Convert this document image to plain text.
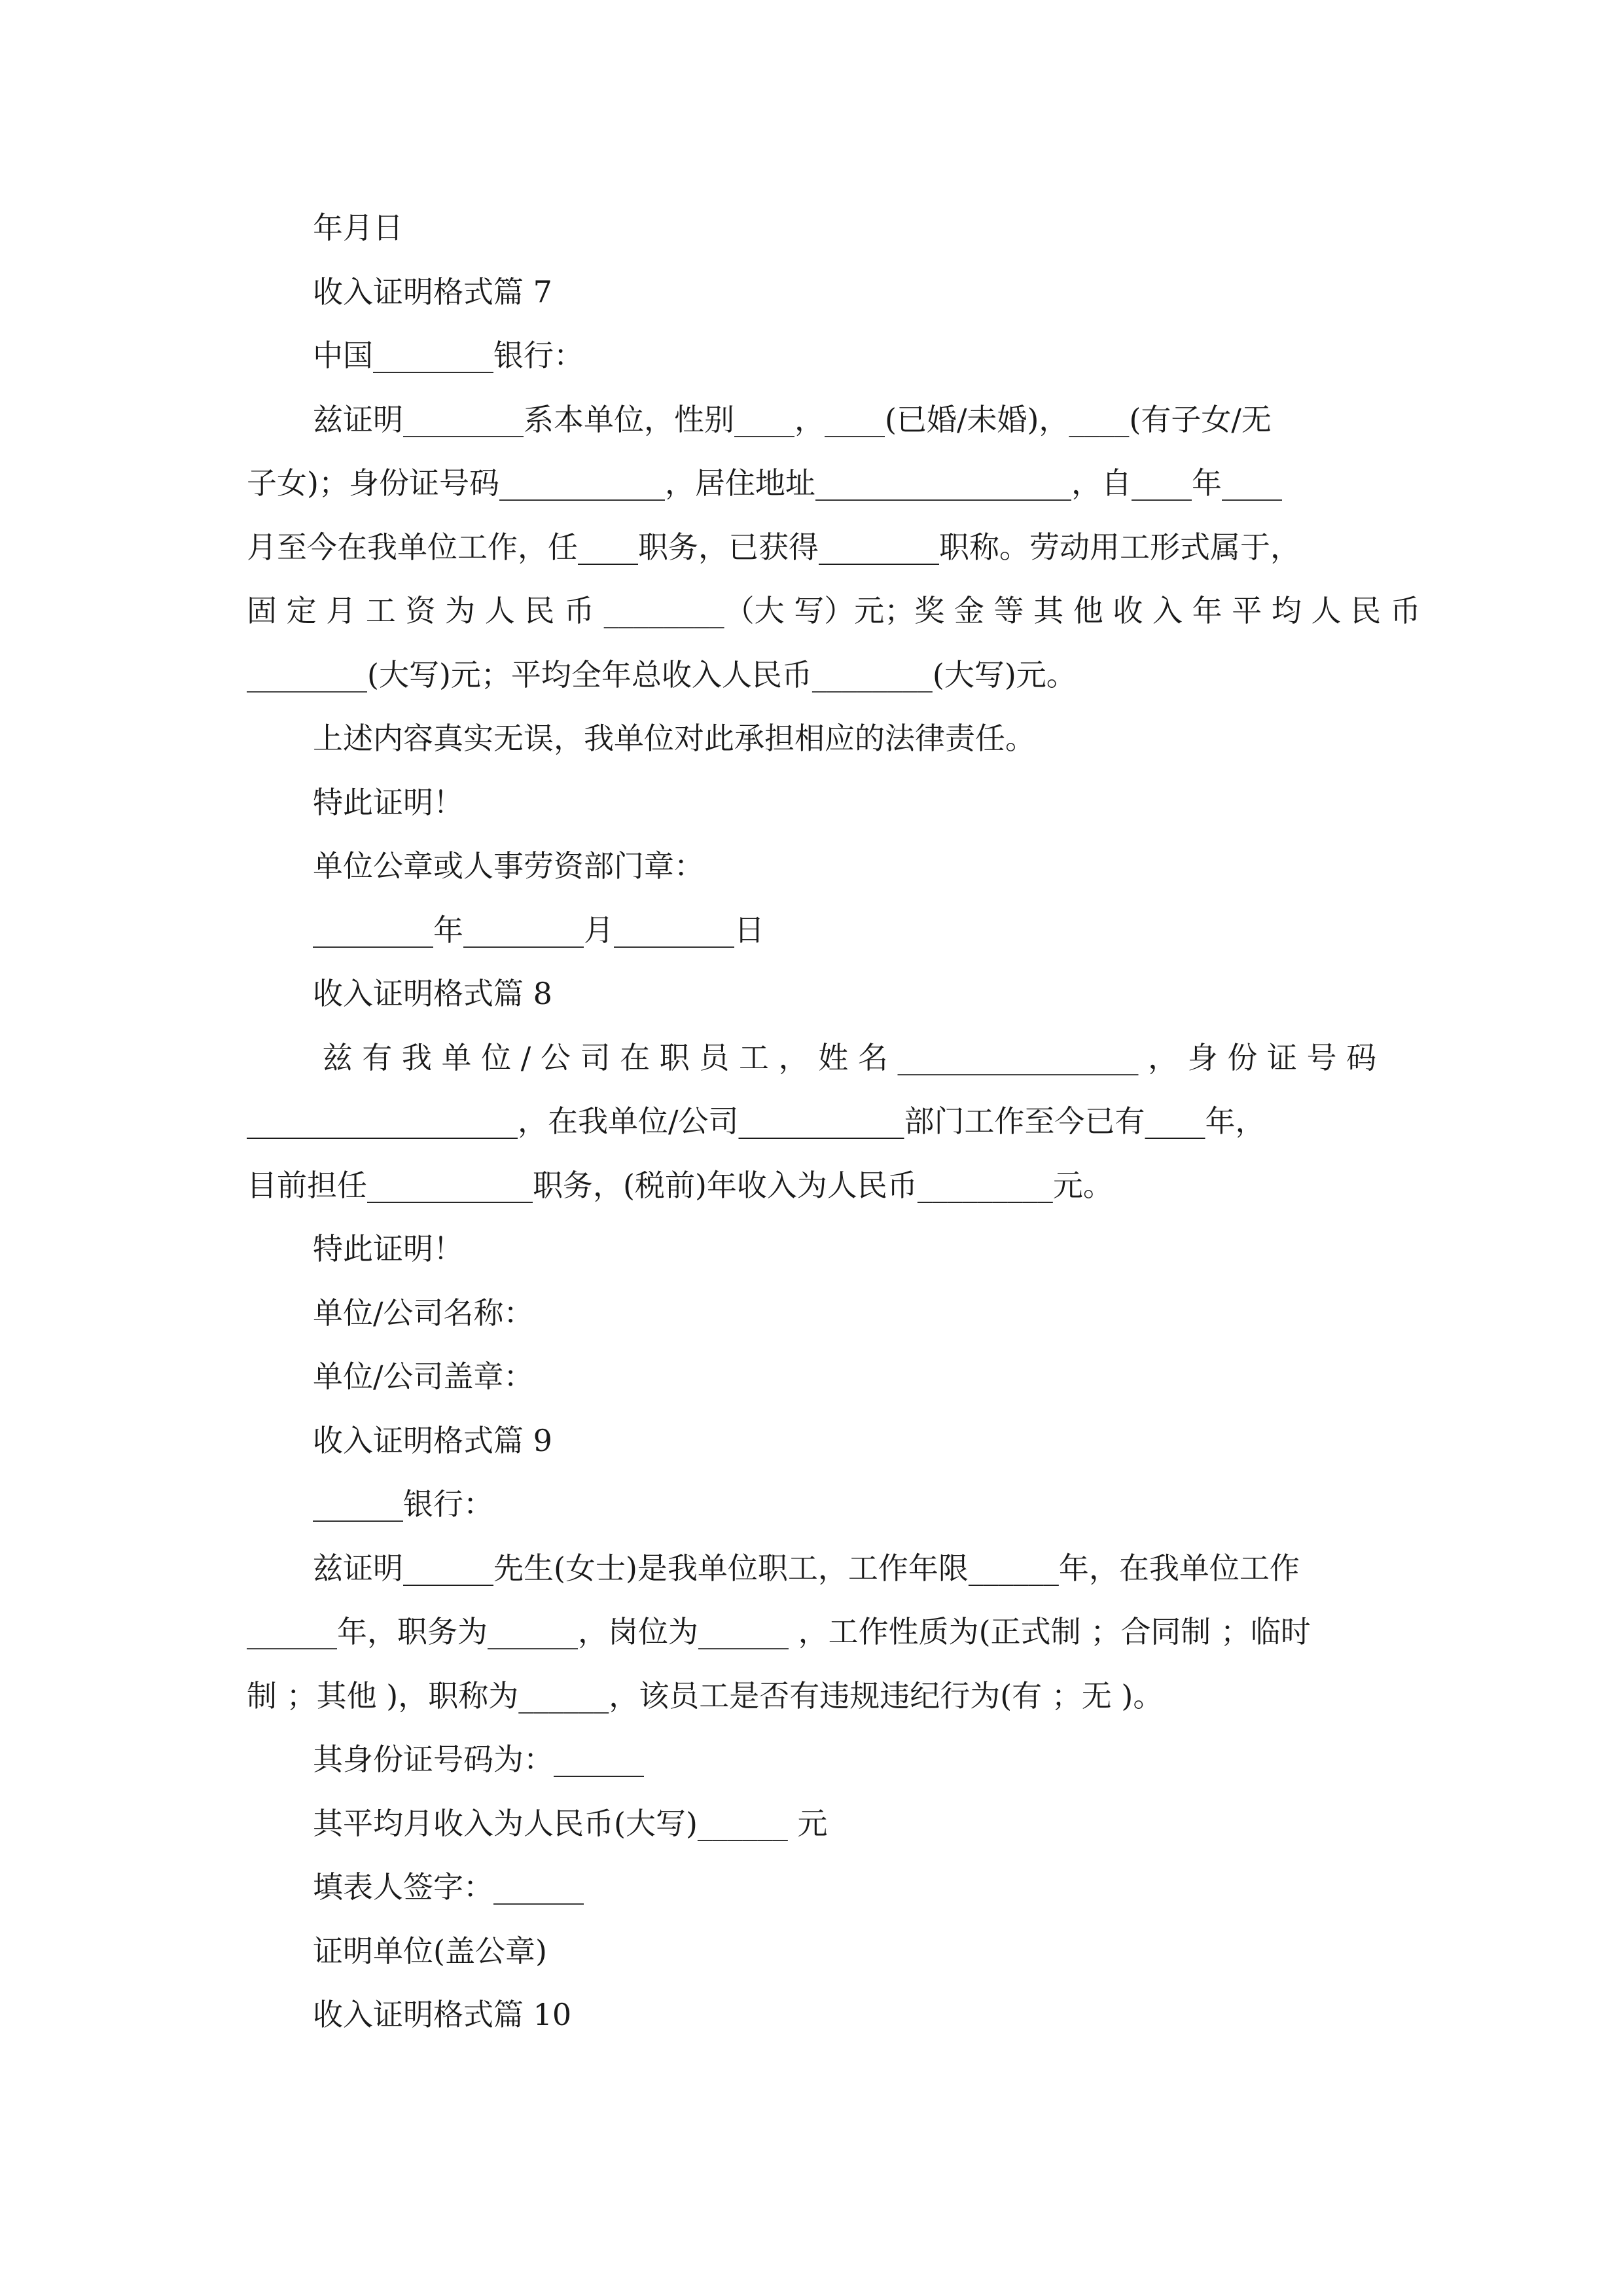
年月日
收入证明格式篇 7
中国________银行：
兹证明________系本单位，性别____，____(已婚/未婚)，____(有子女/无
子女)；身份证号码___________，居住地址_________________，自____年____
月至今在我单位工作，任____职务，已获得________职称。劳动用工形式属于，
固 定 月 工 资 为 人 民 币 ________（大 写）元；奖 金 等 其 他 收 入 年 平 均 人 民 币
________(大写)元；平均全年总收入人民币________(大写)元。
上述内容真实无误，我单位对此承担相应的法律责任。
特此证明！
单位公章或人事劳资部门章：
________年________月________日
收入证明格式篇 8
兹 有 我 单 位 / 公 司 在 职 员 工 ， 姓 名 ________________ ， 身 份 证 号 码
__________________，在我单位/公司___________部门工作至今已有____年，
目前担任___________职务，(税前)年收入为人民币_________元。
特此证明！
单位/公司名称：
单位/公司盖章：
收入证明格式篇 9
______银行：
兹证明______先生(女士)是我单位职工，工作年限______年，在我单位工作
______年，职务为______，岗位为______ ，工作性质为(正式制 ；合同制 ；临时
制 ；其他 )，职称为______，该员工是否有违规违纪行为(有 ；无 )。
其身份证号码为：______
其平均月收入为人民币(大写)______ 元
填表人签字：______
证明单位(盖公章)
收入证明格式篇 10
